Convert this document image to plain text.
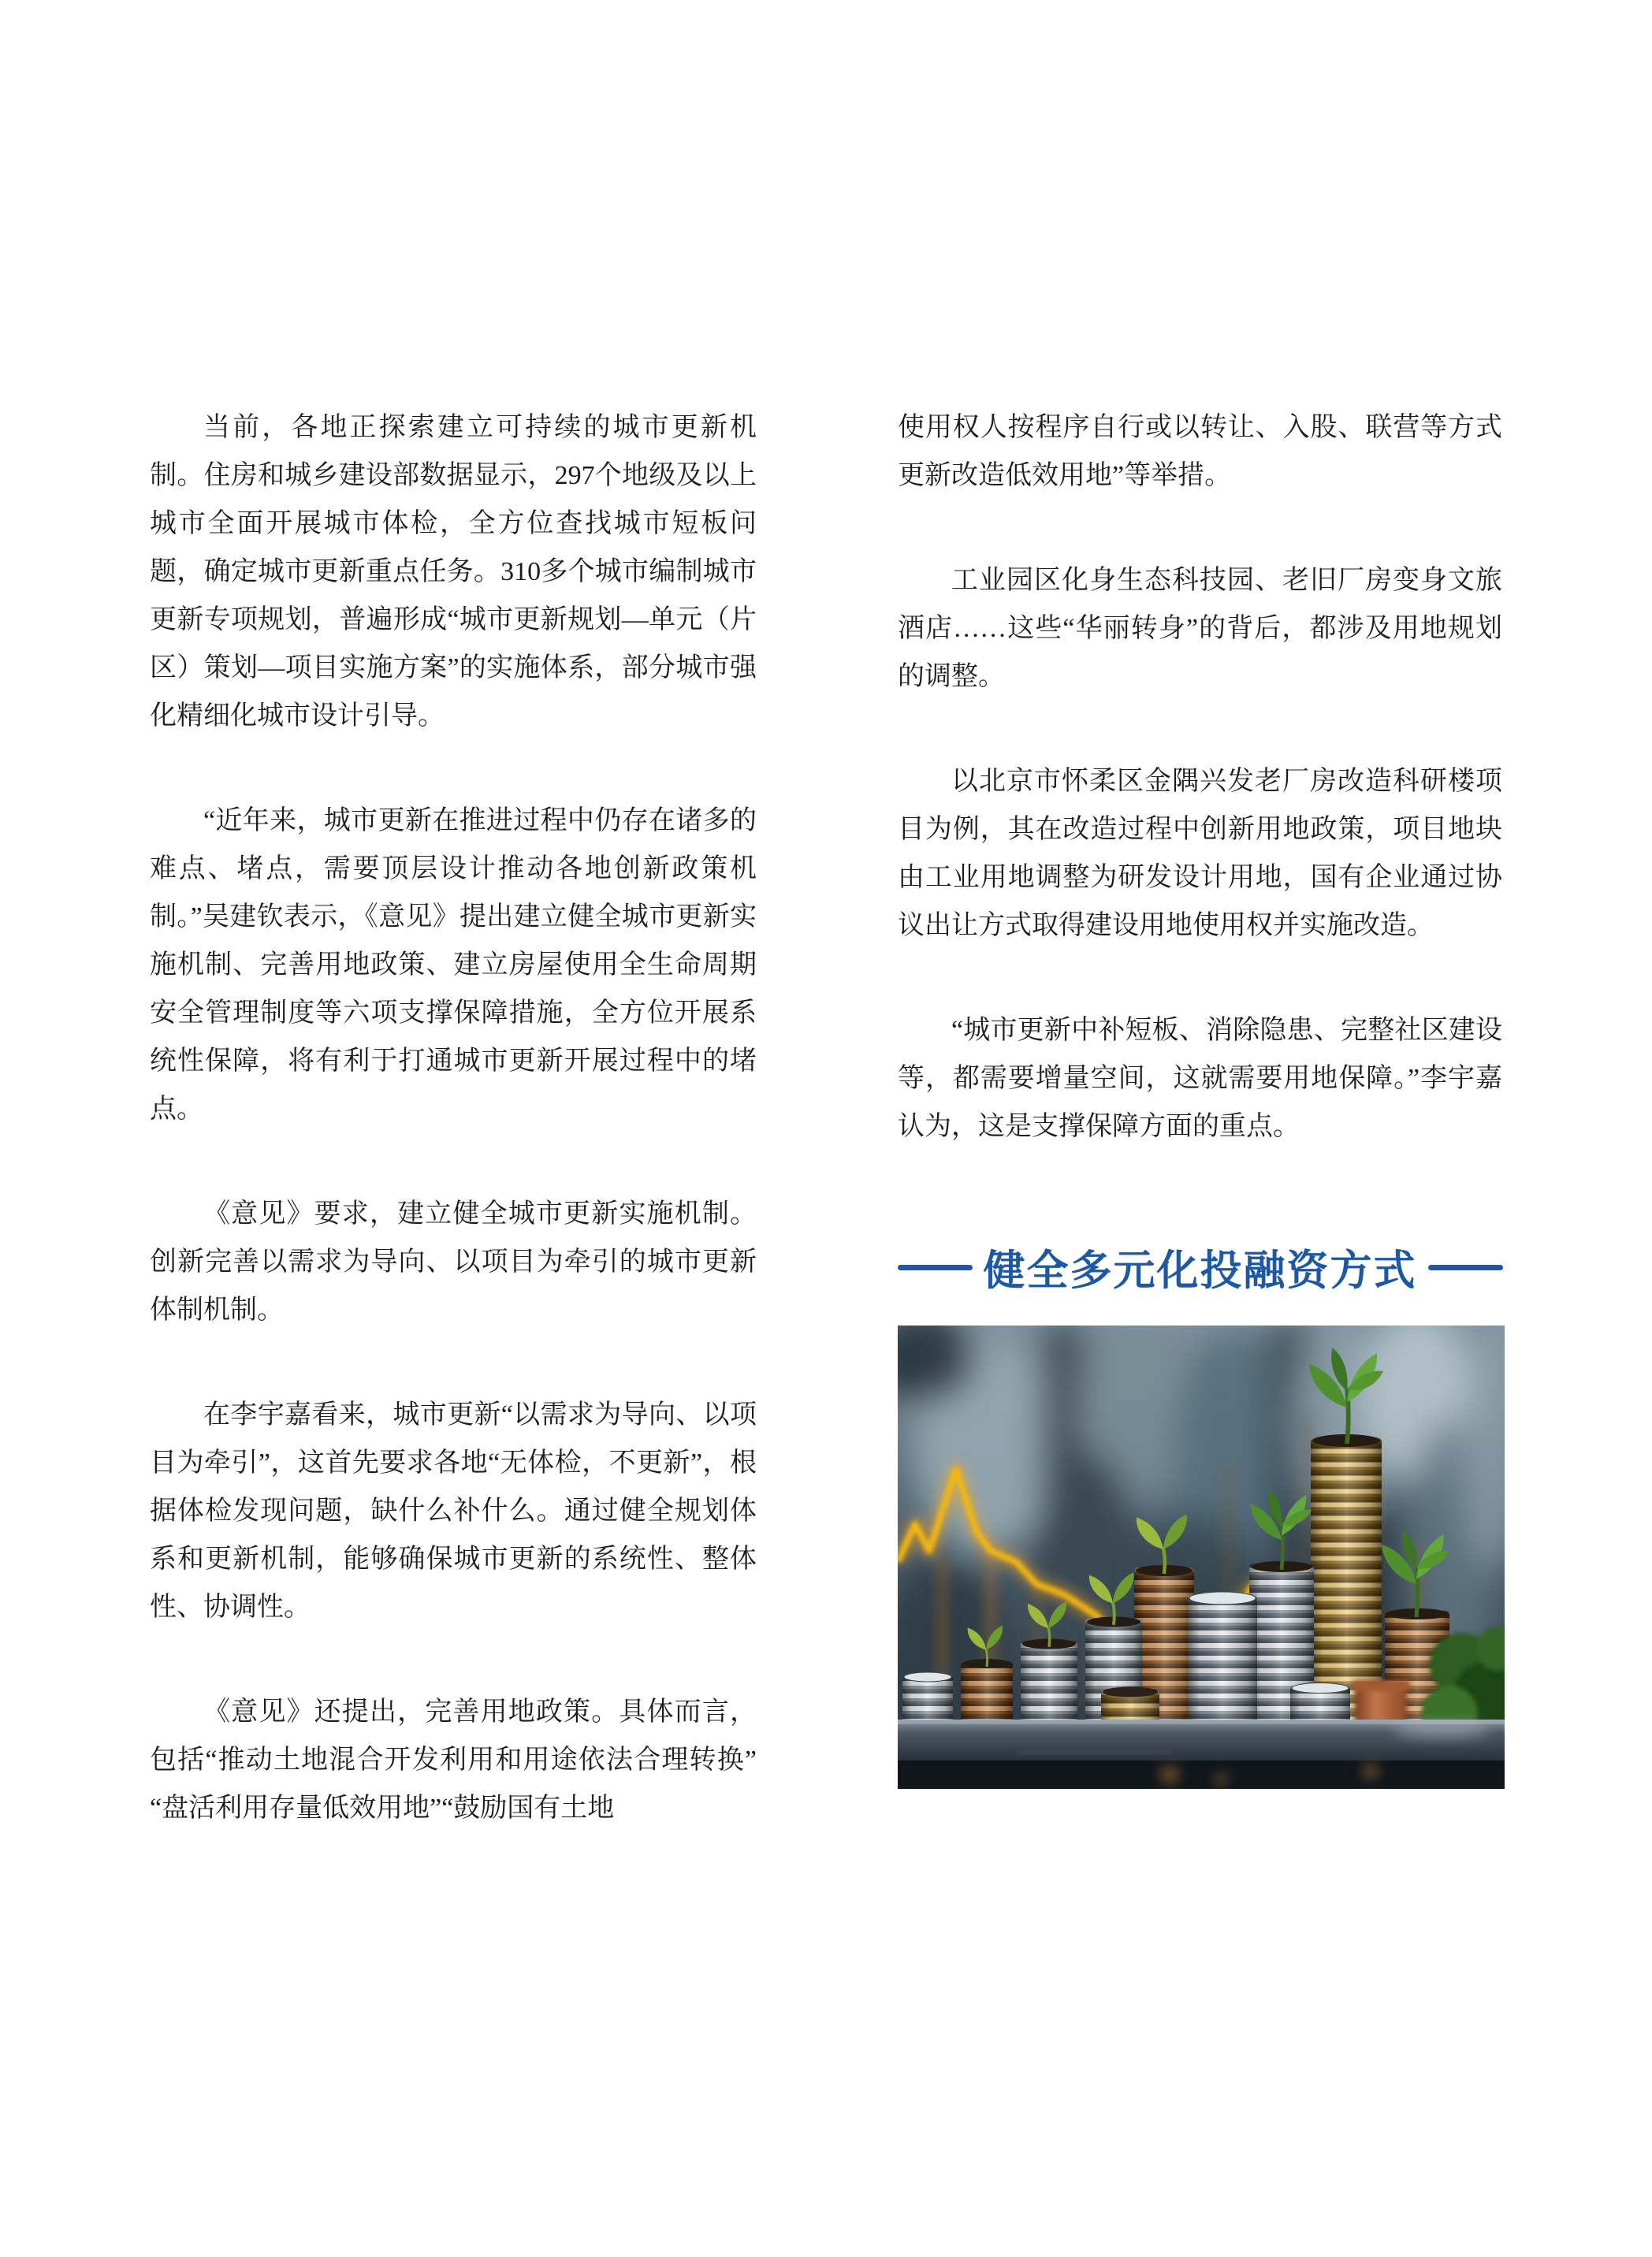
当前，各地正探索建立可持续的城市更新机制。住房和城乡建设部数据显示，297个地级及以上城市全面开展城市体检，全方位查找城市短板问题，确定城市更新重点任务。310多个城市编制城市更新专项规划，普遍形成“城市更新规划—单元（片区）策划—项目实施方案”的实施体系，部分城市强化精细化城市设计引导。

“近年来，城市更新在推进过程中仍存在诸多的难点、堵点，需要顶层设计推动各地创新政策机制。”吴建钦表示，《意见》提出建立健全城市更新实施机制、完善用地政策、建立房屋使用全生命周期安全管理制度等六项支撑保障措施，全方位开展系统性保障，将有利于打通城市更新开展过程中的堵点。

《意见》要求，建立健全城市更新实施机制。创新完善以需求为导向、以项目为牵引的城市更新体制机制。

在李宇嘉看来，城市更新“以需求为导向、以项目为牵引”，这首先要求各地“无体检，不更新”，根据体检发现问题，缺什么补什么。通过健全规划体系和更新机制，能够确保城市更新的系统性、整体性、协调性。

《意见》还提出，完善用地政策。具体而言，包括“推动土地混合开发利用和用途依法合理转换”“盘活利用存量低效用地”“鼓励国有土地

使用权人按程序自行或以转让、入股、联营等方式更新改造低效用地”等举措。

工业园区化身生态科技园、老旧厂房变身文旅酒店……这些“华丽转身”的背后，都涉及用地规划的调整。

以北京市怀柔区金隅兴发老厂房改造科研楼项目为例，其在改造过程中创新用地政策，项目地块由工业用地调整为研发设计用地，国有企业通过协议出让方式取得建设用地使用权并实施改造。

“城市更新中补短板、消除隐患、完整社区建设等，都需要增量空间，这就需要用地保障。”李宇嘉认为，这是支撑保障方面的重点。

健全多元化投融资方式
